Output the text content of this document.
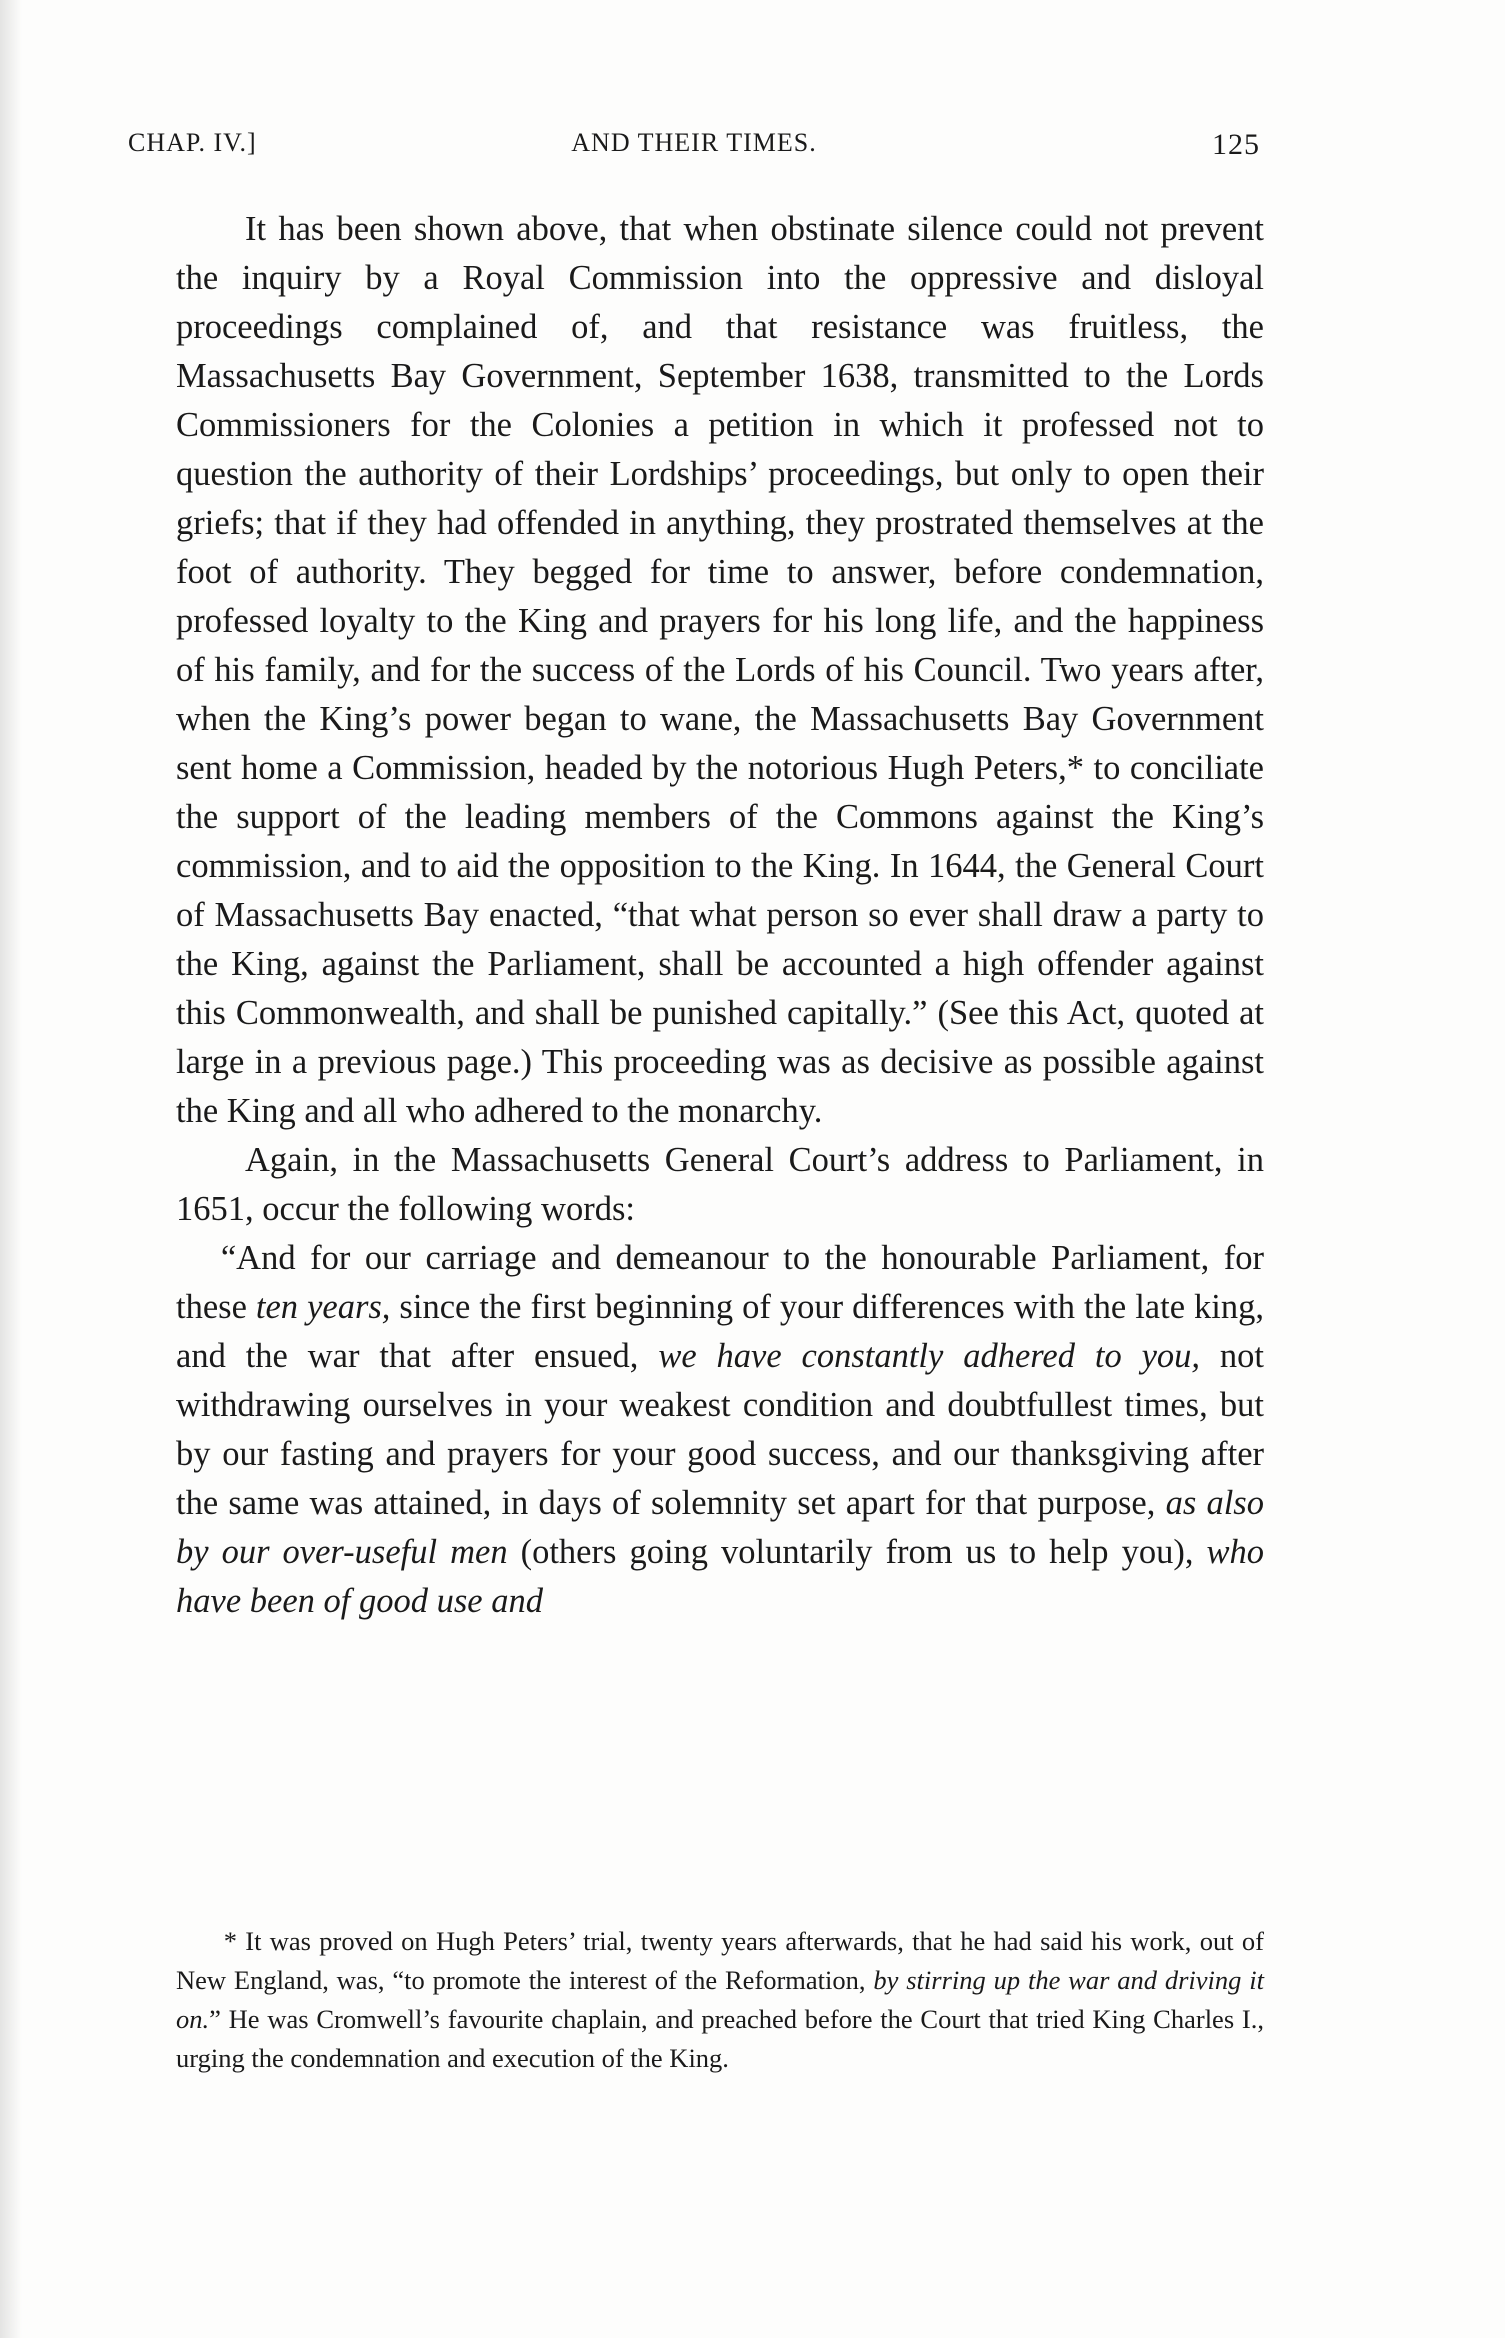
CHAP. IV.]	AND THEIR TIMES.	125

It has been shown above, that when obstinate silence could not prevent the inquiry by a Royal Commission into the oppressive and disloyal proceedings complained of, and that resistance was fruitless, the Massachusetts Bay Government, September 1638, transmitted to the Lords Commissioners for the Colonies a petition in which it professed not to question the authority of their Lordships’ proceedings, but only to open their griefs; that if they had offended in anything, they prostrated themselves at the foot of authority. They begged for time to answer, before condemnation, professed loyalty to the King and prayers for his long life, and the happiness of his family, and for the success of the Lords of his Council. Two years after, when the King’s power began to wane, the Massachusetts Bay Government sent home a Commission, headed by the notorious Hugh Peters,* to conciliate the support of the leading members of the Commons against the King’s commission, and to aid the opposition to the King. In 1644, the General Court of Massachusetts Bay enacted, “that what person so ever shall draw a party to the King, against the Parliament, shall be accounted a high offender against this Commonwealth, and shall be punished capitally.” (See this Act, quoted at large in a previous page.) This proceeding was as decisive as possible against the King and all who adhered to the monarchy.

Again, in the Massachusetts General Court’s address to Parliament, in 1651, occur the following words:

“And for our carriage and demeanour to the honourable Parliament, for these ten years, since the first beginning of your differences with the late king, and the war that after ensued, we have constantly adhered to you, not withdrawing ourselves in your weakest condition and doubtfullest times, but by our fasting and prayers for your good success, and our thanksgiving after the same was attained, in days of solemnity set apart for that purpose, as also by our over-useful men (others going voluntarily from us to help you), who have been of good use and

* It was proved on Hugh Peters’ trial, twenty years afterwards, that he had said his work, out of New England, was, “to promote the interest of the Reformation, by stirring up the war and driving it on.” He was Cromwell’s favourite chaplain, and preached before the Court that tried King Charles I., urging the condemnation and execution of the King.
